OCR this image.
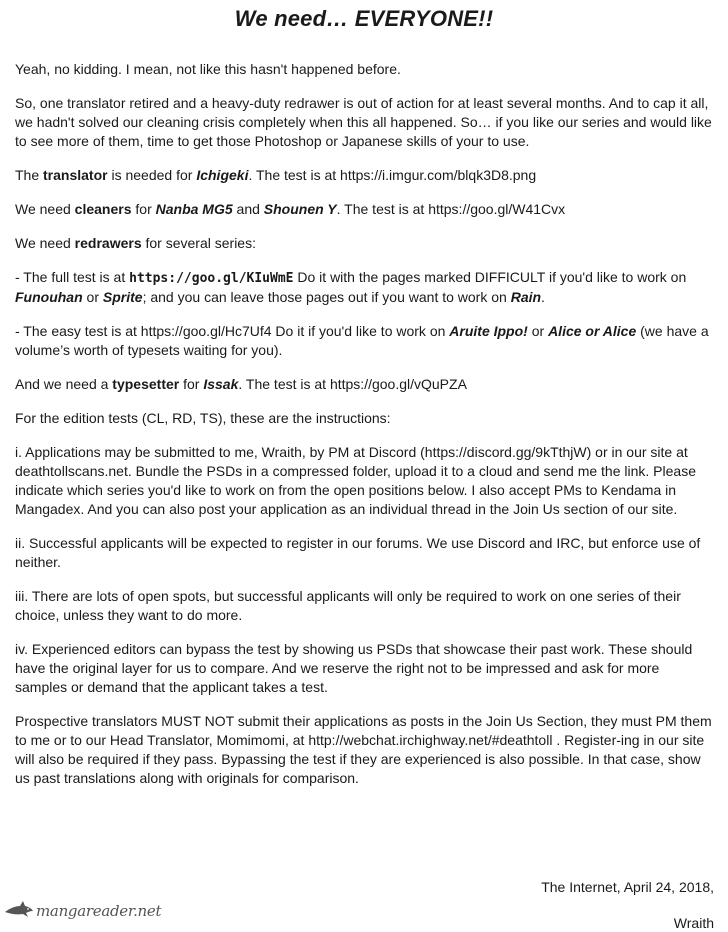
We need… EVERYONE!!

Yeah, no kidding. I mean, not like this hasn't happened before.

So, one translator retired and a heavy-duty redrawer is out of action for at least several months. And to cap it all, we hadn't solved our cleaning crisis completely when this all happened. So… if you like our series and would like to see more of them, time to get those Photoshop or Japanese skills of your to use.

The translator is needed for Ichigeki. The test is at https://i.imgur.com/blqk3D8.png

We need cleaners for Nanba MG5 and Shounen Y. The test is at https://goo.gl/W41Cvx

We need redrawers for several series:

- The full test is at https://goo.gl/KIuWmE Do it with the pages marked DIFFICULT if you'd like to work on Funouhan or Sprite; and you can leave those pages out if you want to work on Rain.

- The easy test is at https://goo.gl/Hc7Uf4 Do it if you'd like to work on Aruite Ippo! or Alice or Alice (we have a volume’s worth of typesets waiting for you).

And we need a typesetter for Issak. The test is at https://goo.gl/vQuPZA

For the edition tests (CL, RD, TS), these are the instructions:

i. Applications may be submitted to me, Wraith, by PM at Discord (https://discord.gg/9kTthjW) or in our site at deathtollscans.net. Bundle the PSDs in a compressed folder, upload it to a cloud and send me the link. Please indicate which series you'd like to work on from the open positions below. I also accept PMs to Kendama in Mangadex. And you can also post your application as an individual thread in the Join Us section of our site.

ii. Successful applicants will be expected to register in our forums. We use Discord and IRC, but enforce use of neither.

iii. There are lots of open spots, but successful applicants will only be required to work on one series of their choice, unless they want to do more.

iv. Experienced editors can bypass the test by showing us PSDs that showcase their past work. These should have the original layer for us to compare. And we reserve the right not to be impressed and ask for more samples or demand that the applicant takes a test.

Prospective translators MUST NOT submit their applications as posts in the Join Us Section, they must PM them to me or to our Head Translator, Momimomi, at http://webchat.irchighway.net/#deathtoll . Register-ing in our site will also be required if they pass. Bypassing the test if they are experienced is also possible. In that case, show us past translations along with originals for comparison.

The Internet, April 24, 2018,
mangareader.net
Wraith
